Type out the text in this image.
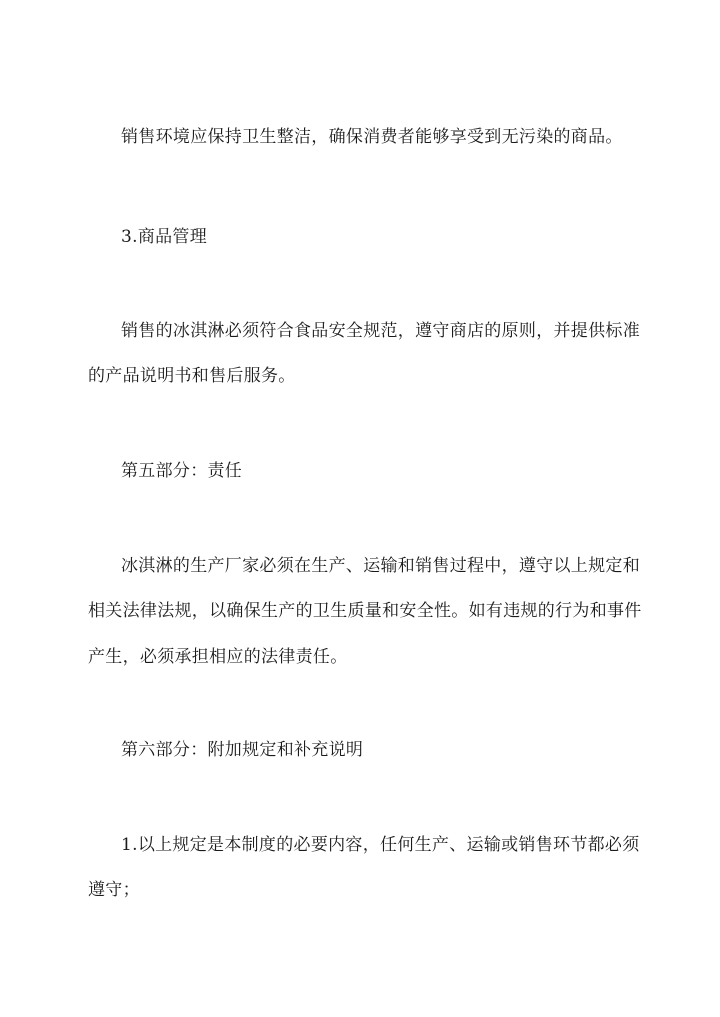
销售环境应保持卫生整洁，确保消费者能够享受到无污染的商品。
3.商品管理
销售的冰淇淋必须符合食品安全规范，遵守商店的原则，并提供标准
的产品说明书和售后服务。
第五部分：责任
冰淇淋的生产厂家必须在生产、运输和销售过程中，遵守以上规定和
相关法律法规，以确保生产的卫生质量和安全性。如有违规的行为和事件
产生，必须承担相应的法律责任。
第六部分：附加规定和补充说明
1.以上规定是本制度的必要内容，任何生产、运输或销售环节都必须
遵守；
